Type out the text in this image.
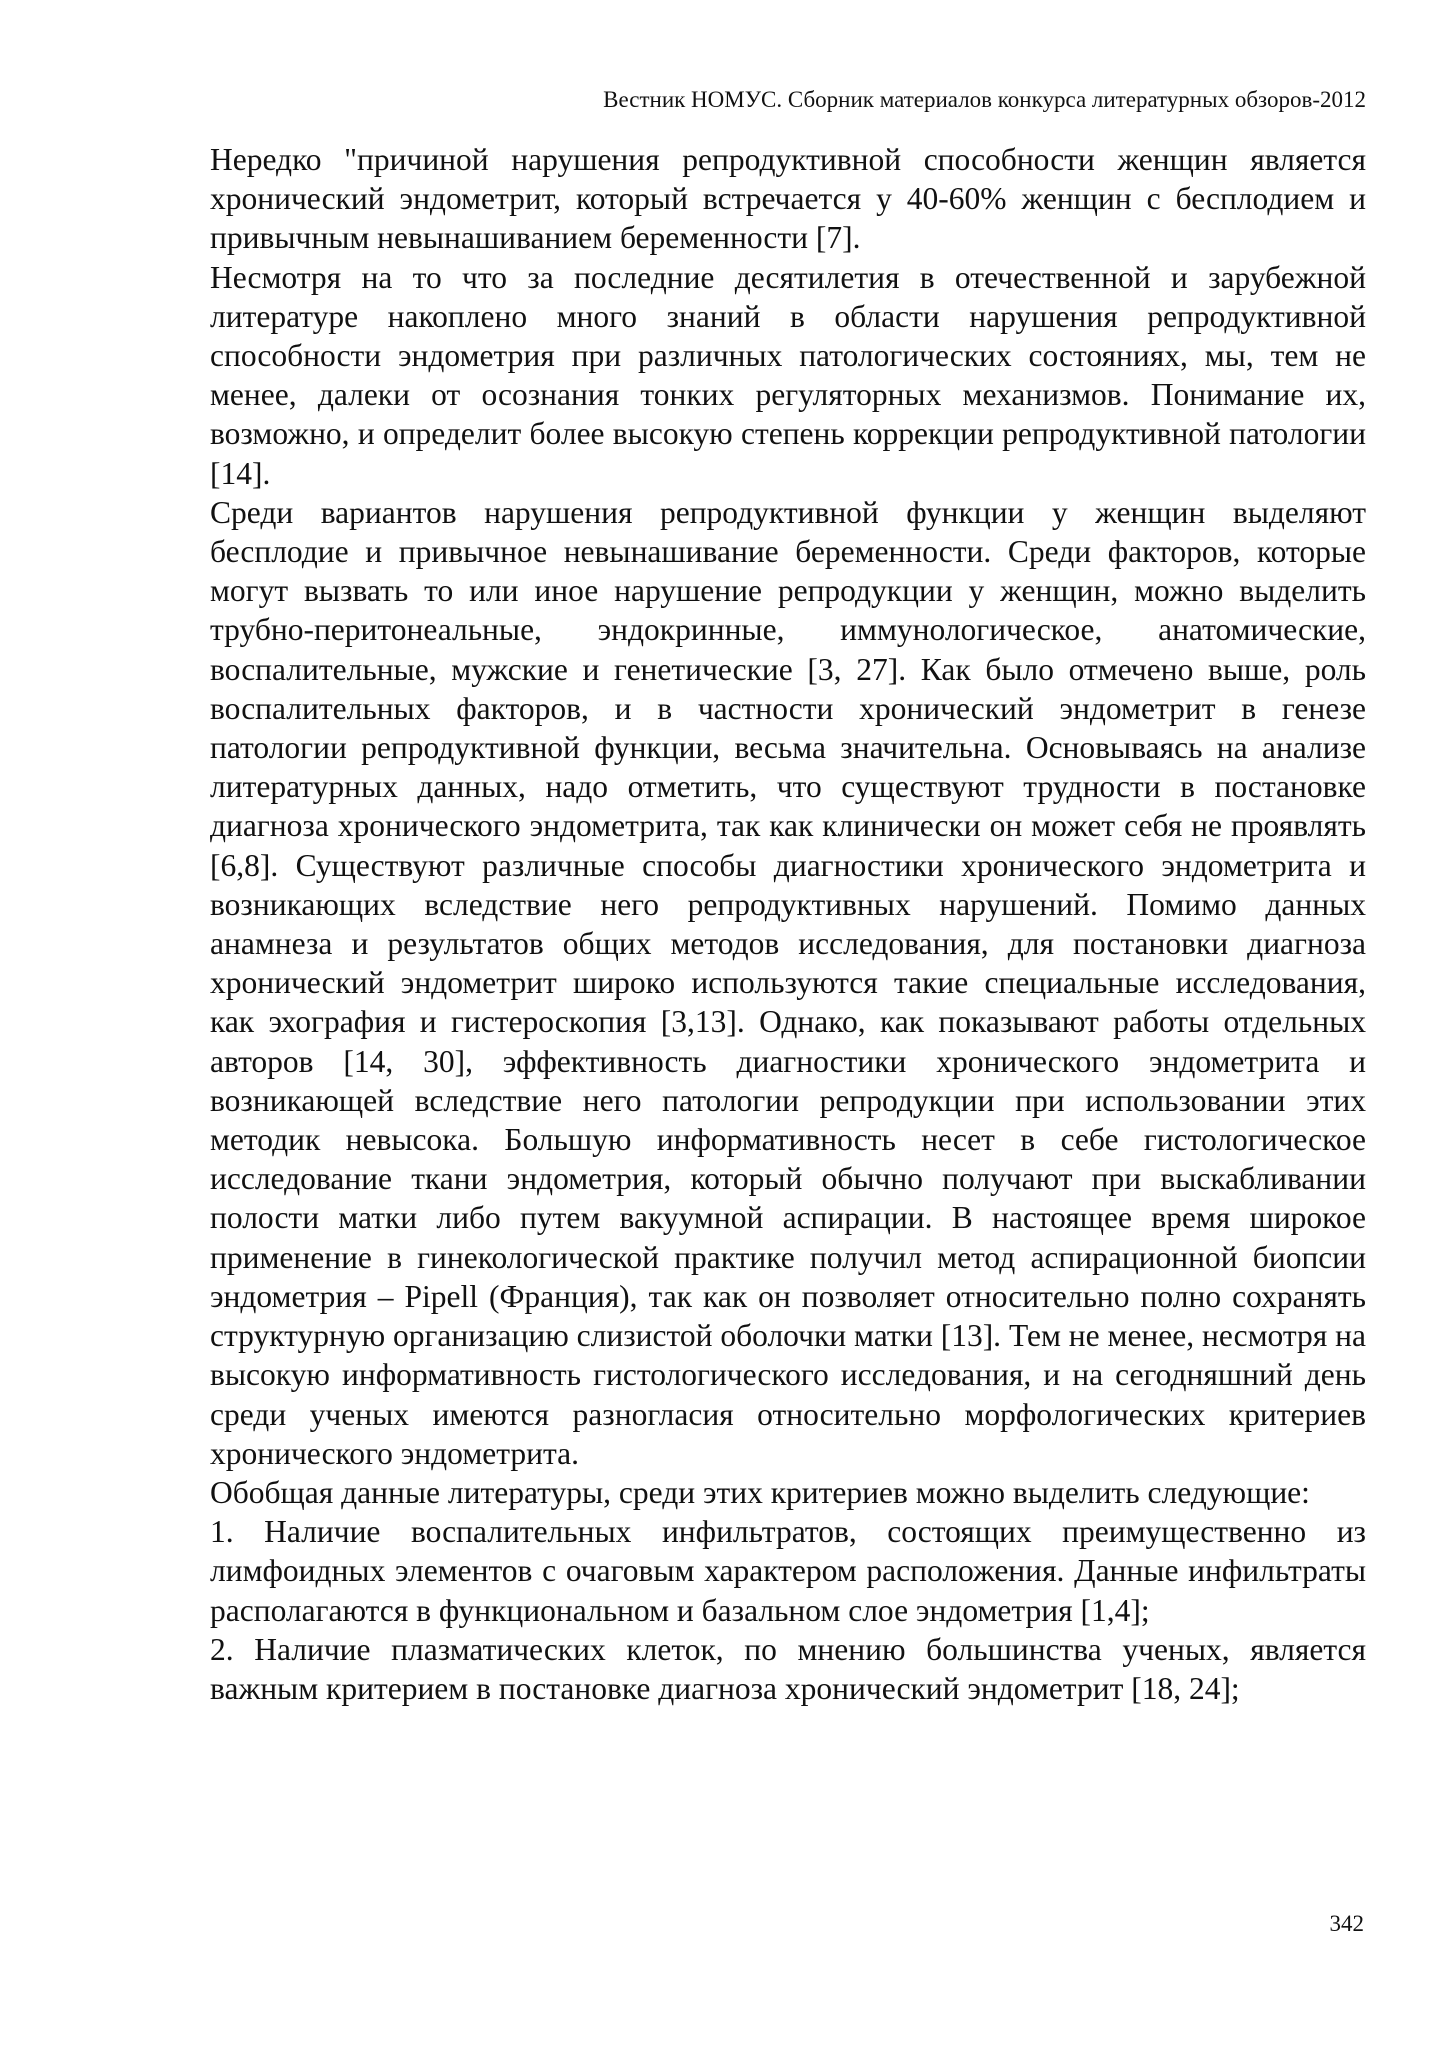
Вестник НОМУС. Сборник материалов конкурса литературных обзоров-2012

Нередко "причиной нарушения репродуктивной способности женщин является хронический эндометрит, который встречается у 40-60% женщин с бесплодием и привычным невынашиванием беременности [7].

Несмотря на то что за последние десятилетия в отечественной и зарубежной литературе накоплено много знаний в области нарушения репродуктивной способности эндометрия при различных патологических состояниях, мы, тем не менее, далеки от осознания тонких регуляторных механизмов. Понимание их, возможно, и определит более высокую степень коррекции репродуктивной патологии [14].

Среди вариантов нарушения репродуктивной функции у женщин выделяют бесплодие и привычное невынашивание беременности. Среди факторов, которые могут вызвать то или иное нарушение репродукции у женщин, можно выделить трубно-перитонеальные, эндокринные, иммунологическое, анатомические, воспалительные, мужские и генетические [3, 27]. Как было отмечено выше, роль воспалительных факторов, и в частности хронический эндометрит в генезе патологии репродуктивной функции, весьма значительна. Основываясь на анализе литературных данных, надо отметить, что существуют трудности в постановке диагноза хронического эндометрита, так как клинически он может себя не проявлять [6,8]. Существуют различные способы диагностики хронического эндометрита и возникающих вследствие него репродуктивных нарушений. Помимо данных анамнеза и результатов общих методов исследования, для постановки диагноза хронический эндометрит широко используются такие специальные исследования, как эхография и гистероскопия [3,13]. Однако, как показывают работы отдельных авторов [14, 30], эффективность диагностики хронического эндометрита и возникающей вследствие него патологии репродукции при использовании этих методик невысока. Большую информативность несет в себе гистологическое исследование ткани эндометрия, который обычно получают при выскабливании полости матки либо путем вакуумной аспирации. В настоящее время широкое применение в гинекологической практике получил метод аспирационной биопсии эндометрия – Pipell (Франция), так как он позволяет относительно полно сохранять структурную организацию слизистой оболочки матки [13]. Тем не менее, несмотря на высокую информативность гистологического исследования, и на сегодняшний день среди ученых имеются разногласия относительно морфологических критериев хронического эндометрита.

Обобщая данные литературы, среди этих критериев можно выделить следующие:

1. Наличие воспалительных инфильтратов, состоящих преимущественно из лимфоидных элементов с очаговым характером расположения. Данные инфильтраты располагаются в функциональном и базальном слое эндометрия [1,4];

2. Наличие плазматических клеток, по мнению большинства ученых, является важным критерием в постановке диагноза хронический эндометрит [18, 24];

342
